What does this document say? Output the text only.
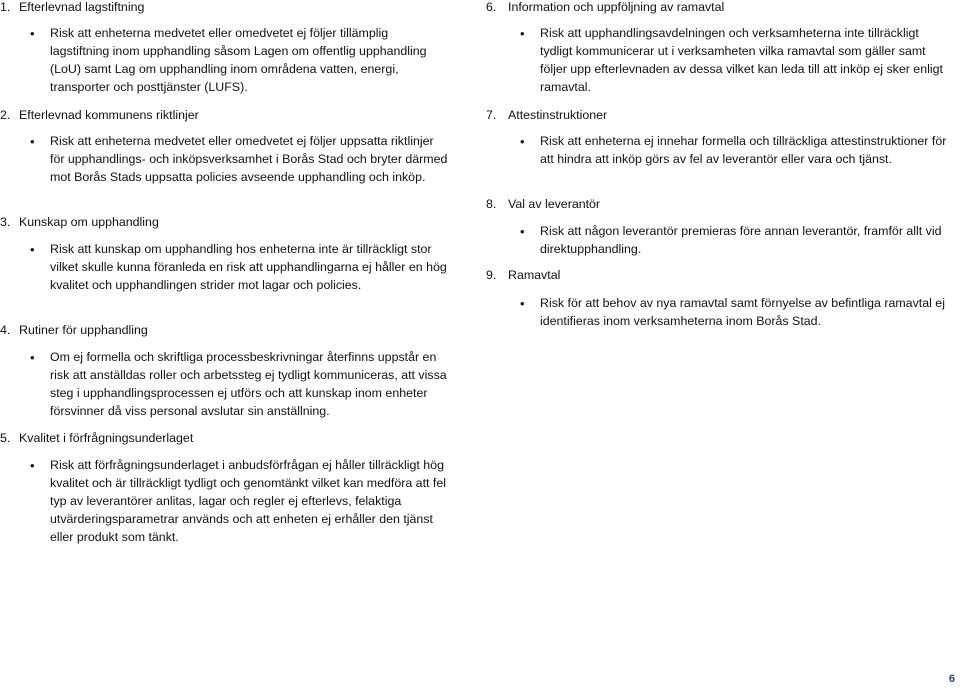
1. Efterlevnad lagstiftning
• Risk att enheterna medvetet eller omedvetet ej följer tillämplig lagstiftning inom upphandling såsom Lagen om offentlig upphandling (LoU) samt Lag om upphandling inom områdena vatten, energi, transporter och posttjänster (LUFS).
2. Efterlevnad kommunens riktlinjer
• Risk att enheterna medvetet eller omedvetet ej följer uppsatta riktlinjer för upphandlings- och inköpsverksamhet i Borås Stad och bryter därmed mot Borås Stads uppsatta policies avseende upphandling och inköp.
3. Kunskap om upphandling
• Risk att kunskap om upphandling hos enheterna inte är tillräckligt stor vilket skulle kunna föranleda en risk att upphandlingarna ej håller en hög kvalitet och upphandlingen strider mot lagar och policies.
4. Rutiner för upphandling
• Om ej formella och skriftliga processbeskrivningar återfinns uppstår en risk att anställdas roller och arbetssteg ej tydligt kommuniceras, att vissa steg i upphandlingsprocessen ej utförs och att kunskap inom enheter försvinner då viss personal avslutar sin anställning.
5. Kvalitet i förfrågningsunderlaget
• Risk att förfrågningsunderlaget i anbudsförfrågan ej håller tillräckligt hög kvalitet och är tillräckligt tydligt och genomtänkt vilket kan medföra att fel typ av leverantörer anlitas, lagar och regler ej efterlevs, felaktiga utvärderingsparametrar används och att enheten ej erhåller den tjänst eller produkt som tänkt.
6. Information och uppföljning av ramavtal
• Risk att upphandlingsavdelningen och verksamheterna inte tillräckligt tydligt kommunicerar ut i verksamheten vilka ramavtal som gäller samt följer upp efterlevnaden av dessa vilket kan leda till att inköp ej sker enligt ramavtal.
7. Attestinstruktioner
• Risk att enheterna ej innehar formella och tillräckliga attestinstruktioner för att hindra att inköp görs av fel av leverantör eller vara och tjänst.
8. Val av leverantör
• Risk att någon leverantör premieras före annan leverantör, framför allt vid direktupphandling.
9. Ramavtal
• Risk för att behov av nya ramavtal samt förnyelse av befintliga ramavtal ej identifieras inom verksamheterna inom Borås Stad.
6
